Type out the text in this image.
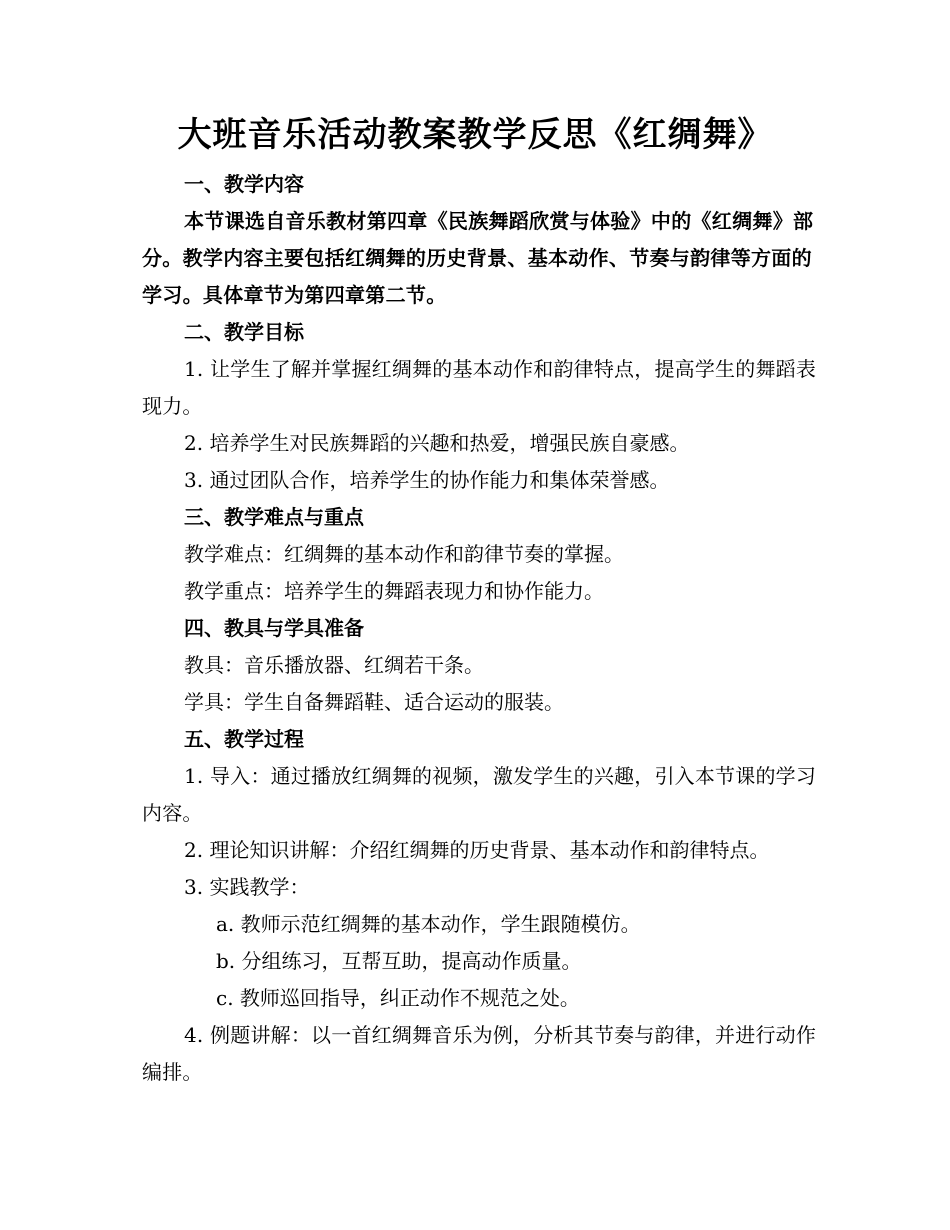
大班音乐活动教案教学反思《红绸舞》

一、教学内容

本节课选自音乐教材第四章《民族舞蹈欣赏与体验》中的《红绸舞》部分。教学内容主要包括红绸舞的历史背景、基本动作、节奏与韵律等方面的学习。具体章节为第四章第二节。

二、教学目标

1. 让学生了解并掌握红绸舞的基本动作和韵律特点，提高学生的舞蹈表现力。

2. 培养学生对民族舞蹈的兴趣和热爱，增强民族自豪感。

3. 通过团队合作，培养学生的协作能力和集体荣誉感。

三、教学难点与重点

教学难点：红绸舞的基本动作和韵律节奏的掌握。

教学重点：培养学生的舞蹈表现力和协作能力。

四、教具与学具准备

教具：音乐播放器、红绸若干条。

学具：学生自备舞蹈鞋、适合运动的服装。

五、教学过程

1. 导入：通过播放红绸舞的视频，激发学生的兴趣，引入本节课的学习内容。

2. 理论知识讲解：介绍红绸舞的历史背景、基本动作和韵律特点。

3. 实践教学：

a. 教师示范红绸舞的基本动作，学生跟随模仿。

b. 分组练习，互帮互助，提高动作质量。

c. 教师巡回指导，纠正动作不规范之处。

4. 例题讲解：以一首红绸舞音乐为例，分析其节奏与韵律，并进行动作编排。
